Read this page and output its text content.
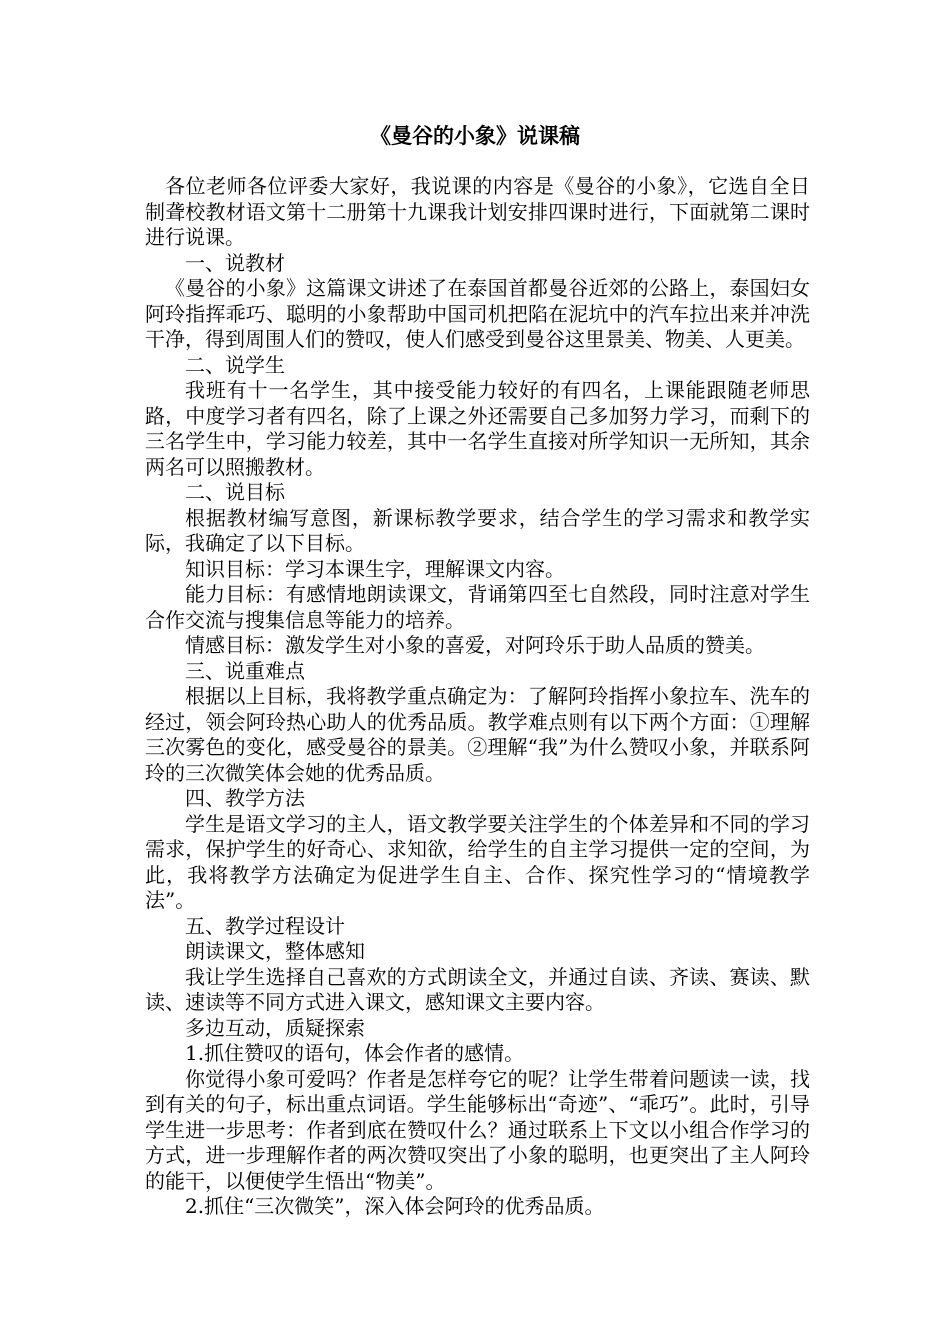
《曼谷的小象》说课稿

各位老师各位评委大家好，我说课的内容是《曼谷的小象》，它选自全日制聋校教材语文第十二册第十九课我计划安排四课时进行，下面就第二课时进行说课。

一、说教材

《曼谷的小象》这篇课文讲述了在泰国首都曼谷近郊的公路上，泰国妇女阿玲指挥乖巧、聪明的小象帮助中国司机把陷在泥坑中的汽车拉出来并冲洗干净，得到周围人们的赞叹，使人们感受到曼谷这里景美、物美、人更美。

二、说学生

我班有十一名学生，其中接受能力较好的有四名，上课能跟随老师思路，中度学习者有四名，除了上课之外还需要自己多加努力学习，而剩下的三名学生中，学习能力较差，其中一名学生直接对所学知识一无所知，其余两名可以照搬教材。

二、说目标

根据教材编写意图，新课标教学要求，结合学生的学习需求和教学实际，我确定了以下目标。

知识目标：学习本课生字，理解课文内容。

能力目标：有感情地朗读课文，背诵第四至七自然段，同时注意对学生合作交流与搜集信息等能力的培养。

情感目标：激发学生对小象的喜爱，对阿玲乐于助人品质的赞美。

三、说重难点

根据以上目标，我将教学重点确定为：了解阿玲指挥小象拉车、洗车的经过，领会阿玲热心助人的优秀品质。教学难点则有以下两个方面：①理解三次雾色的变化，感受曼谷的景美。②理解“我”为什么赞叹小象，并联系阿玲的三次微笑体会她的优秀品质。

四、教学方法

学生是语文学习的主人，语文教学要关注学生的个体差异和不同的学习需求，保护学生的好奇心、求知欲，给学生的自主学习提供一定的空间，为此，我将教学方法确定为促进学生自主、合作、探究性学习的“情境教学法”。

五、教学过程设计

朗读课文，整体感知

我让学生选择自己喜欢的方式朗读全文，并通过自读、齐读、赛读、默读、速读等不同方式进入课文，感知课文主要内容。

多边互动，质疑探索

1.抓住赞叹的语句，体会作者的感情。

你觉得小象可爱吗？作者是怎样夸它的呢？让学生带着问题读一读，找到有关的句子，标出重点词语。学生能够标出“奇迹”、“乖巧”。此时，引导学生进一步思考：作者到底在赞叹什么？通过联系上下文以小组合作学习的方式，进一步理解作者的两次赞叹突出了小象的聪明，也更突出了主人阿玲的能干，以便使学生悟出“物美”。

2.抓住“三次微笑”，深入体会阿玲的优秀品质。
